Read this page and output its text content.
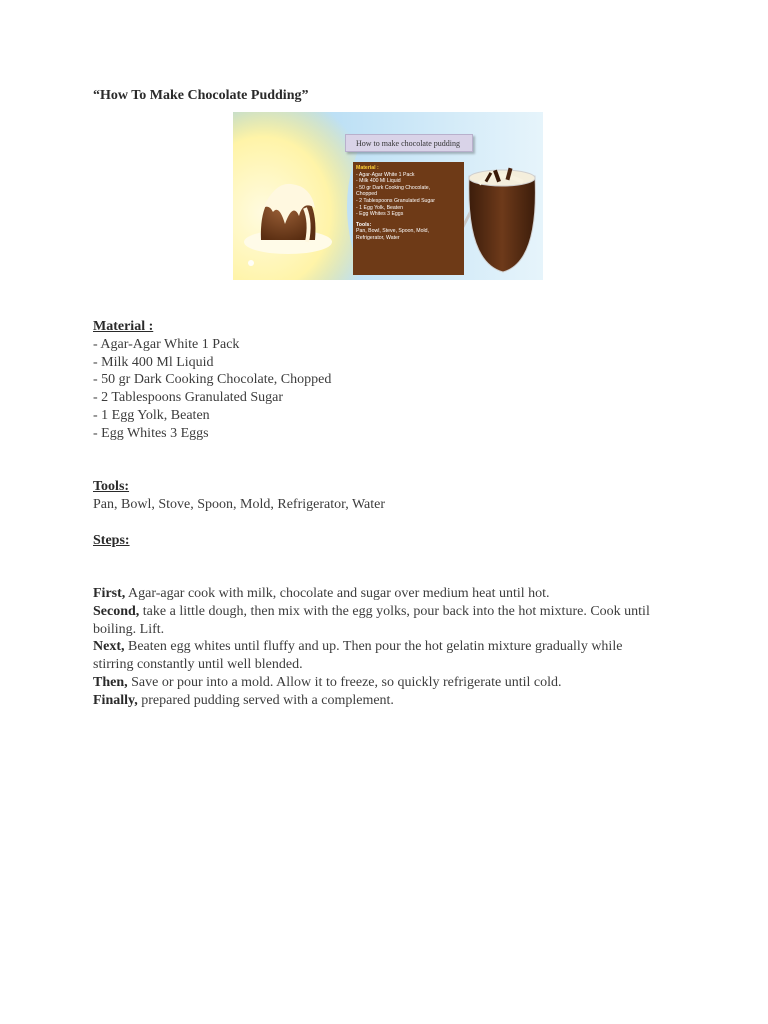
“How To Make Chocolate Pudding”
How to make chocolate pudding
Material :
- Agar-Agar White 1 Pack
- Milk 400 Ml Liquid
- 50 gr Dark Cooking Chocolate,
Chopped
- 2 Tablespoons Granulated Sugar
- 1 Egg Yolk, Beaten
- Egg Whites 3 Eggs
Tools:
Pan, Bowl, Steve, Spoon, Mold,
Refrigerator, Water
Material :
- Agar-Agar White 1 Pack
- Milk 400 Ml Liquid
- 50 gr Dark Cooking Chocolate, Chopped
- 2 Tablespoons Granulated Sugar
- 1 Egg Yolk, Beaten
- Egg Whites 3 Eggs
Tools:
Pan, Bowl, Stove, Spoon, Mold, Refrigerator, Water
Steps:
First, Agar-agar cook with milk, chocolate and sugar over medium heat until hot.
Second, take a little dough, then mix with the egg yolks, pour back into the hot mixture. Cook until boiling. Lift.
Next, Beaten egg whites until fluffy and up. Then pour the hot gelatin mixture gradually while stirring constantly until well blended.
Then, Save or pour into a mold. Allow it to freeze, so quickly refrigerate until cold.
Finally, prepared pudding served with a complement.
